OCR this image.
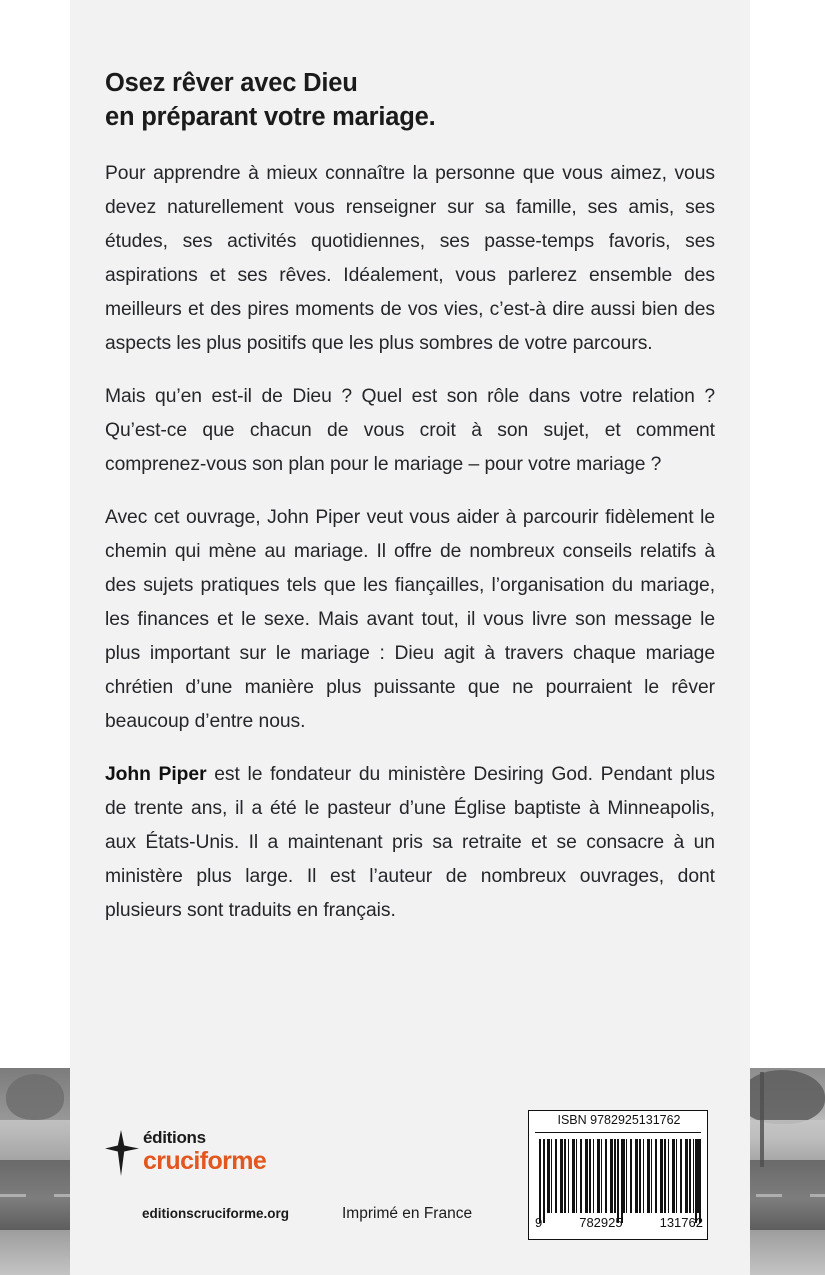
Osez rêver avec Dieu
en préparant votre mariage.

Pour apprendre à mieux connaître la personne que vous aimez, vous devez naturellement vous renseigner sur sa famille, ses amis, ses études, ses activités quotidiennes, ses passe-temps favoris, ses aspirations et ses rêves. Idéalement, vous parlerez ensemble des meilleurs et des pires moments de vos vies, c’est-à dire aussi bien des aspects les plus positifs que les plus sombres de votre parcours.

Mais qu’en est-il de Dieu ? Quel est son rôle dans votre relation ? Qu’est-ce que chacun de vous croit à son sujet, et comment comprenez-vous son plan pour le mariage – pour votre mariage ?

Avec cet ouvrage, John Piper veut vous aider à parcourir fidèlement le chemin qui mène au mariage. Il offre de nombreux conseils relatifs à des sujets pratiques tels que les fiançailles, l’organisation du mariage, les finances et le sexe. Mais avant tout, il vous livre son message le plus important sur le mariage : Dieu agit à travers chaque mariage chrétien d’une manière plus puissante que ne pourraient le rêver beaucoup d’entre nous.

John Piper est le fondateur du ministère Desiring God. Pendant plus de trente ans, il a été le pasteur d’une Église baptiste à Minneapolis, aux États-Unis. Il a maintenant pris sa retraite et se consacre à un ministère plus large. Il est l’auteur de nombreux ouvrages, dont plusieurs sont traduits en français.

éditions
cruciforme
editionscruciforme.org	Imprimé en France
ISBN 9782925131762
9	782925	131762
